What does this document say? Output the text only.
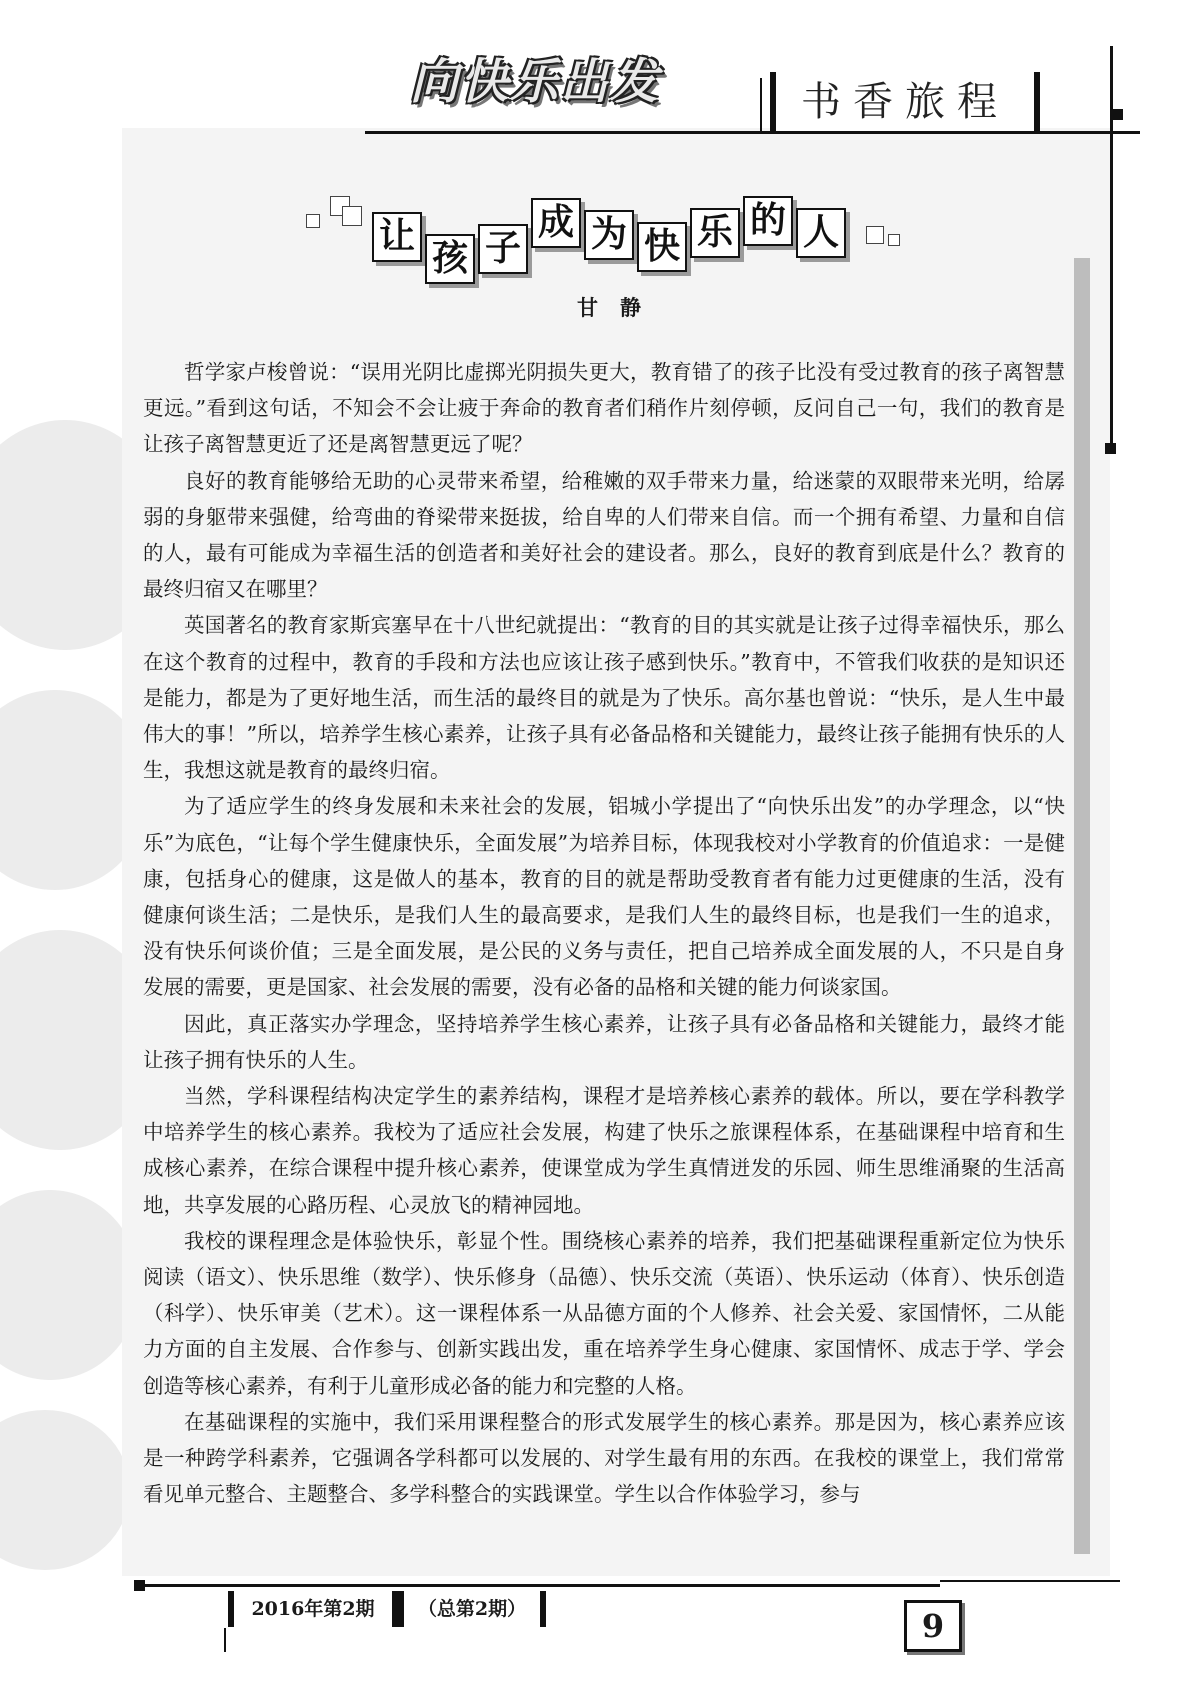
向快乐出发	书香旅程
让
孩 子
成 为 快 乐 的 人
甘静

哲学家卢梭曾说：“误用光阴比虚掷光阴损失更大，教育错了的孩子比没有受过教育的孩子离智慧更远。”看到这句话，不知会不会让疲于奔命的教育者们稍作片刻停顿，反问自己一句，我们的教育是让孩子离智慧更近了还是离智慧更远了呢？

良好的教育能够给无助的心灵带来希望，给稚嫩的双手带来力量，给迷蒙的双眼带来光明，给孱弱的身躯带来强健，给弯曲的脊梁带来挺拔，给自卑的人们带来自信。而一个拥有希望、力量和自信的人，最有可能成为幸福生活的创造者和美好社会的建设者。那么，良好的教育到底是什么？教育的最终归宿又在哪里？

英国著名的教育家斯宾塞早在十八世纪就提出：“教育的目的其实就是让孩子过得幸福快乐，那么在这个教育的过程中，教育的手段和方法也应该让孩子感到快乐。”教育中，不管我们收获的是知识还是能力，都是为了更好地生活，而生活的最终目的就是为了快乐。高尔基也曾说：“快乐，是人生中最伟大的事！”所以，培养学生核心素养，让孩子具有必备品格和关键能力，最终让孩子能拥有快乐的人生，我想这就是教育的最终归宿。

为了适应学生的终身发展和未来社会的发展，铝城小学提出了“向快乐出发”的办学理念，以“快乐”为底色，“让每个学生健康快乐，全面发展”为培养目标，体现我校对小学教育的价值追求：一是健康，包括身心的健康，这是做人的基本，教育的目的就是帮助受教育者有能力过更健康的生活，没有健康何谈生活；二是快乐，是我们人生的最高要求，是我们人生的最终目标，也是我们一生的追求，没有快乐何谈价值；三是全面发展，是公民的义务与责任，把自己培养成全面发展的人，不只是自身发展的需要，更是国家、社会发展的需要，没有必备的品格和关键的能力何谈家国。

因此，真正落实办学理念，坚持培养学生核心素养，让孩子具有必备品格和关键能力，最终才能让孩子拥有快乐的人生。

当然，学科课程结构决定学生的素养结构，课程才是培养核心素养的载体。所以，要在学科教学中培养学生的核心素养。我校为了适应社会发展，构建了快乐之旅课程体系，在基础课程中培育和生成核心素养，在综合课程中提升核心素养，使课堂成为学生真情迸发的乐园、师生思维涌聚的生活高地，共享发展的心路历程、心灵放飞的精神园地。

我校的课程理念是体验快乐，彰显个性。围绕核心素养的培养，我们把基础课程重新定位为快乐阅读（语文）、快乐思维（数学）、快乐修身（品德）、快乐交流（英语）、快乐运动（体育）、快乐创造（科学）、快乐审美（艺术）。这一课程体系一从品德方面的个人修养、社会关爱、家国情怀，二从能力方面的自主发展、合作参与、创新实践出发，重在培养学生身心健康、家国情怀、成志于学、学会创造等核心素养，有利于儿童形成必备的能力和完整的人格。

在基础课程的实施中，我们采用课程整合的形式发展学生的核心素养。那是因为，核心素养应该是一种跨学科素养，它强调各学科都可以发展的、对学生最有用的东西。在我校的课堂上，我们常常看见单元整合、主题整合、多学科整合的实践课堂。学生以合作体验学习，参与

2016年第2期	（总第2期）	9
